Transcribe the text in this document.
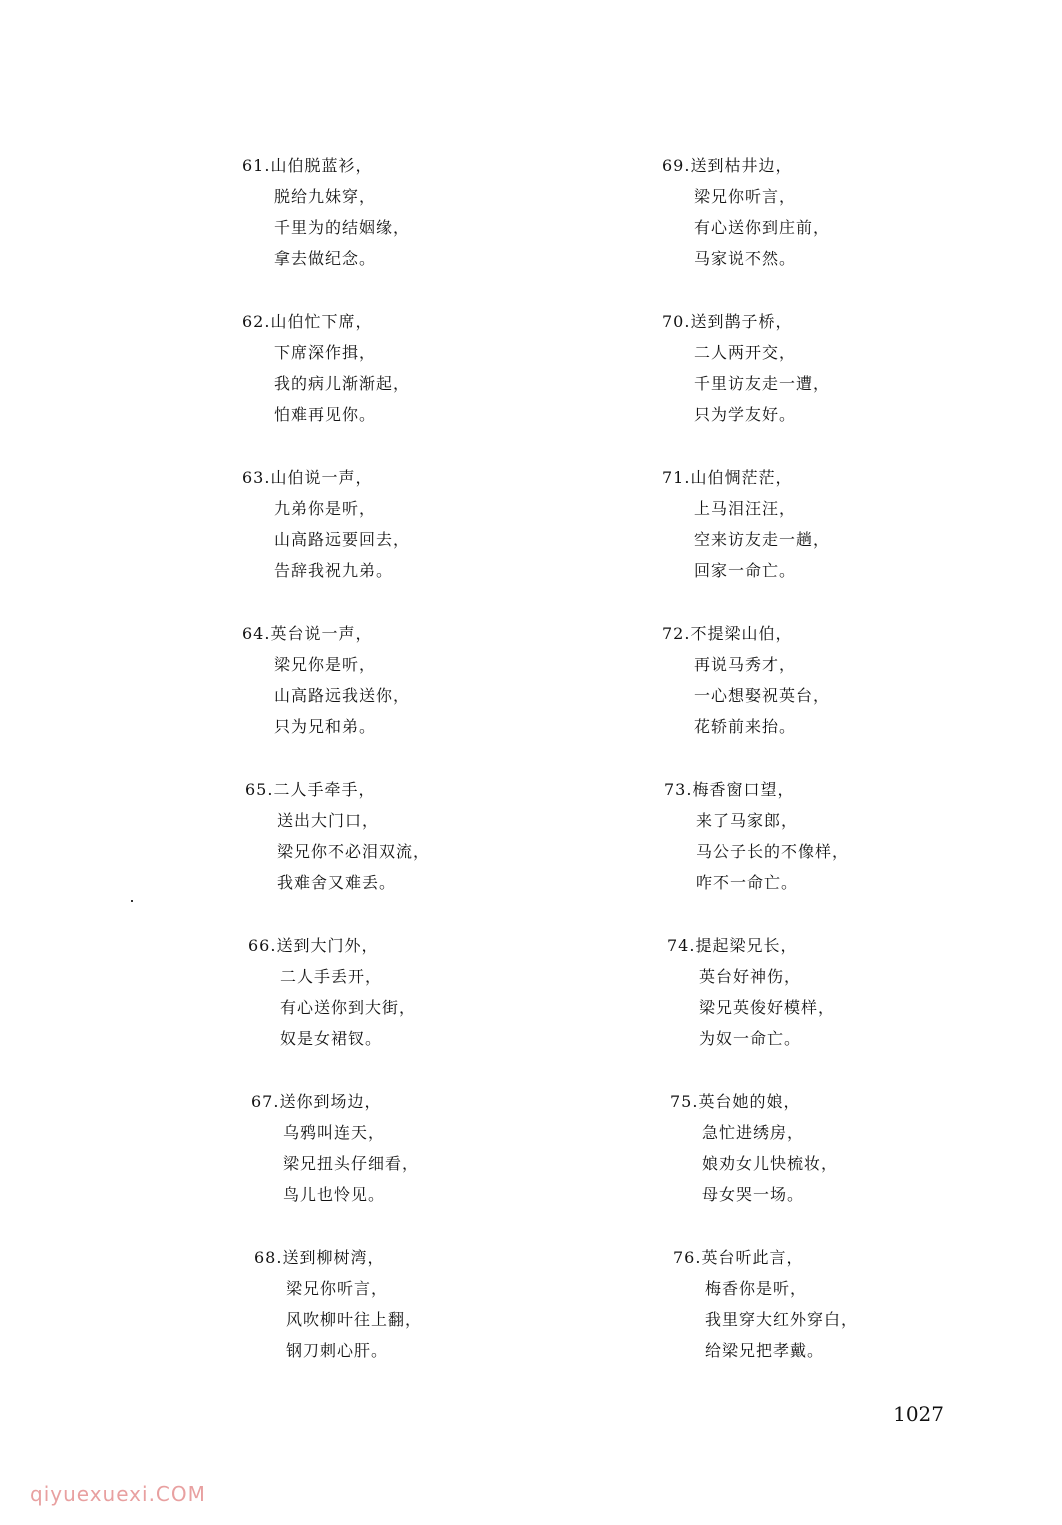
61.山伯脱蓝衫，
脱给九妹穿，
千里为的结姻缘，
拿去做纪念。
62.山伯忙下席，
下席深作揖，
我的病儿渐渐起，
怕难再见你。
63.山伯说一声，
九弟你是听，
山高路远要回去，
告辞我祝九弟。
64.英台说一声，
梁兄你是听，
山高路远我送你，
只为兄和弟。
65.二人手牵手，
送出大门口，
梁兄你不必泪双流，
我难舍又难丢。
66.送到大门外，
二人手丢开，
有心送你到大街，
奴是女裙钗。
67.送你到场边，
乌鸦叫连天，
梁兄扭头仔细看，
鸟儿也怜见。
68.送到柳树湾，
梁兄你听言，
风吹柳叶往上翻，
钢刀刺心肝。
69.送到枯井边，
梁兄你听言，
有心送你到庄前，
马家说不然。
70.送到鹊子桥，
二人两开交，
千里访友走一遭，
只为学友好。
71.山伯惆茫茫，
上马泪汪汪，
空来访友走一趟，
回家一命亡。
72.不提梁山伯，
再说马秀才，
一心想娶祝英台，
花轿前来抬。
73.梅香窗口望，
来了马家郎，
马公子长的不像样，
咋不一命亡。
74.提起梁兄长，
英台好神伤，
梁兄英俊好模样，
为奴一命亡。
75.英台她的娘，
急忙进绣房，
娘劝女儿快梳妆，
母女哭一场。
76.英台听此言，
梅香你是听，
我里穿大红外穿白，
给梁兄把孝戴。
1027
qiyuexuexi.COM
